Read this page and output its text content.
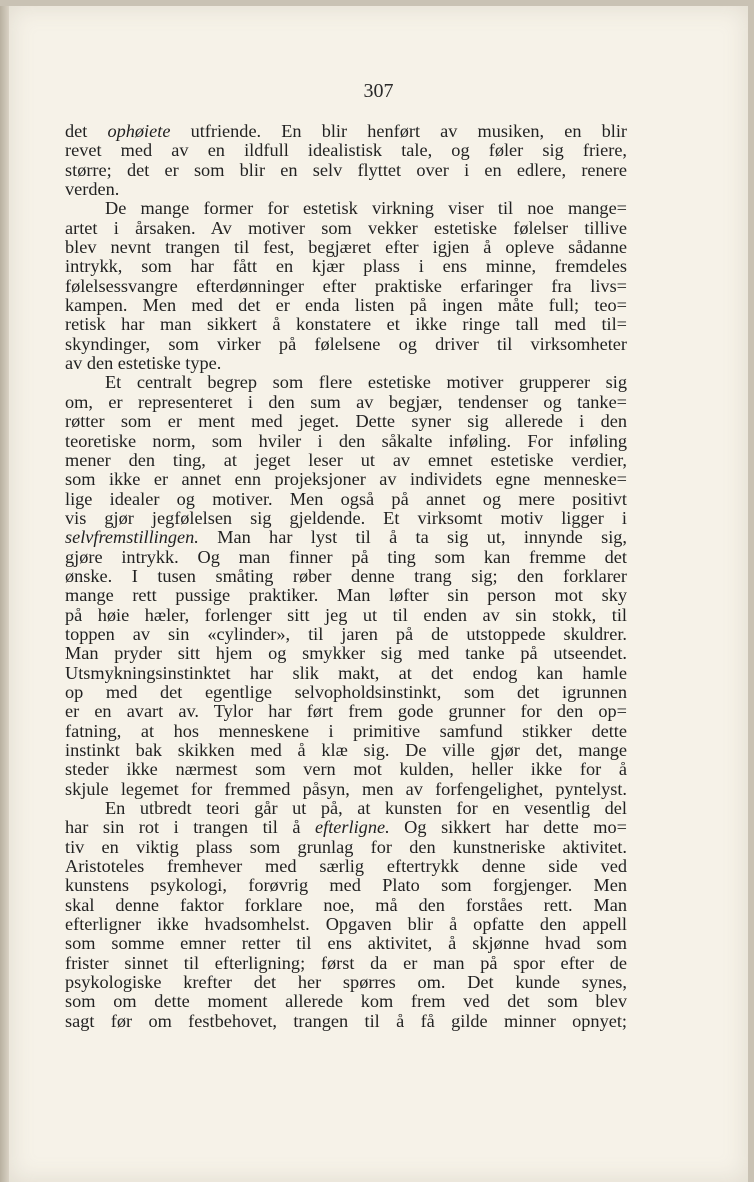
307
det ophøiete utfriende. En blir henført av musiken, en blir
revet med av en ildfull idealistisk tale, og føler sig friere,
større; det er som blir en selv flyttet over i en edlere, renere
verden.
De mange former for estetisk virkning viser til noe mange=
artet i årsaken. Av motiver som vekker estetiske følelser tillive
blev nevnt trangen til fest, begjæret efter igjen å opleve sådanne
intrykk, som har fått en kjær plass i ens minne, fremdeles
følelsessvangre efterdønninger efter praktiske erfaringer fra livs=
kampen. Men med det er enda listen på ingen måte full; teo=
retisk har man sikkert å konstatere et ikke ringe tall med til=
skyndinger, som virker på følelsene og driver til virksomheter
av den estetiske type.
Et centralt begrep som flere estetiske motiver grupperer sig
om, er representeret i den sum av begjær, tendenser og tanke=
røtter som er ment med jeget. Dette syner sig allerede i den
teoretiske norm, som hviler i den såkalte inføling. For inføling
mener den ting, at jeget leser ut av emnet estetiske verdier,
som ikke er annet enn projeksjoner av individets egne menneske=
lige idealer og motiver. Men også på annet og mere positivt
vis gjør jegfølelsen sig gjeldende. Et virksomt motiv ligger i
selvfremstillingen. Man har lyst til å ta sig ut, innynde sig,
gjøre intrykk. Og man finner på ting som kan fremme det
ønske. I tusen småting røber denne trang sig; den forklarer
mange rett pussige praktiker. Man løfter sin person mot sky
på høie hæler, forlenger sitt jeg ut til enden av sin stokk, til
toppen av sin «cylinder», til jaren på de utstoppede skuldrer.
Man pryder sitt hjem og smykker sig med tanke på utseendet.
Utsmykningsinstinktet har slik makt, at det endog kan hamle
op med det egentlige selvopholdsinstinkt, som det igrunnen
er en avart av. Tylor har ført frem gode grunner for den op=
fatning, at hos menneskene i primitive samfund stikker dette
instinkt bak skikken med å klæ sig. De ville gjør det, mange
steder ikke nærmest som vern mot kulden, heller ikke for å
skjule legemet for fremmed påsyn, men av forfengelighet, pyntelyst.
En utbredt teori går ut på, at kunsten for en vesentlig del
har sin rot i trangen til å efterligne. Og sikkert har dette mo=
tiv en viktig plass som grunlag for den kunstneriske aktivitet.
Aristoteles fremhever med særlig eftertrykk denne side ved
kunstens psykologi, forøvrig med Plato som forgjenger. Men
skal denne faktor forklare noe, må den forståes rett. Man
efterligner ikke hvadsomhelst. Opgaven blir å opfatte den appell
som somme emner retter til ens aktivitet, å skjønne hvad som
frister sinnet til efterligning; først da er man på spor efter de
psykologiske krefter det her spørres om. Det kunde synes,
som om dette moment allerede kom frem ved det som blev
sagt før om festbehovet, trangen til å få gilde minner opnyet;
